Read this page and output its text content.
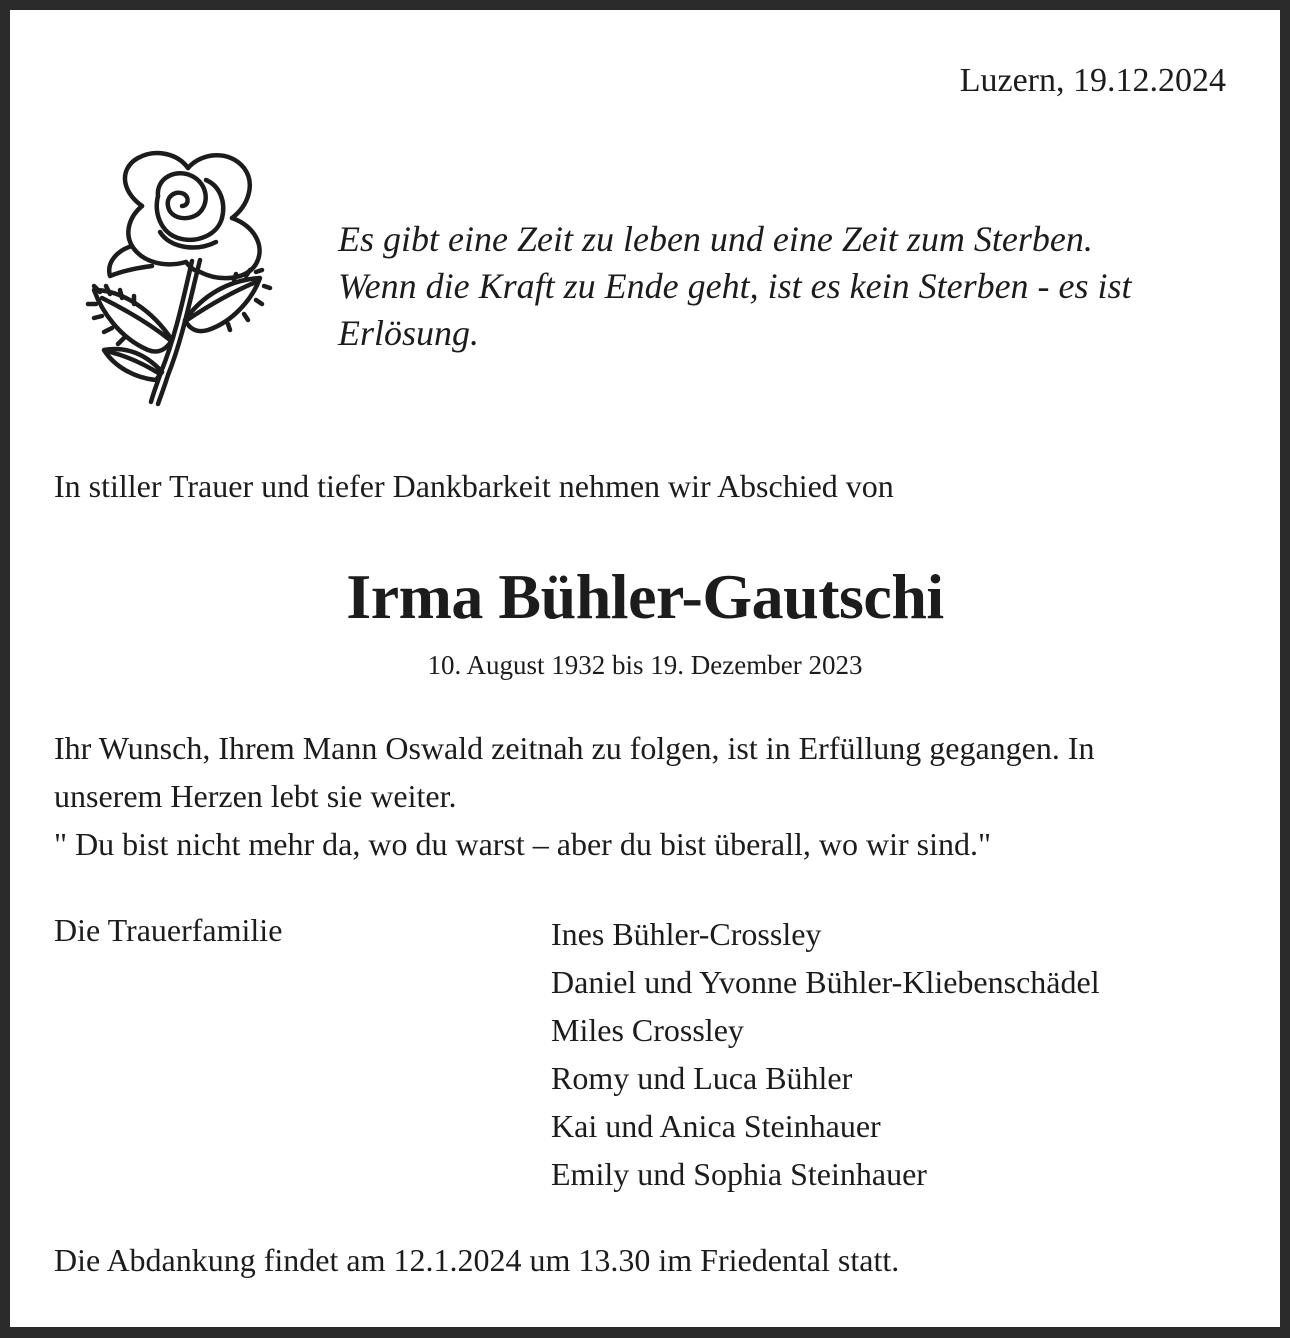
Luzern, 19.12.2024

Es gibt eine Zeit zu leben und eine Zeit zum Sterben.
Wenn die Kraft zu Ende geht, ist es kein Sterben - es ist
Erlösung.

In stiller Trauer und tiefer Dankbarkeit nehmen wir Abschied von

Irma Bühler-Gautschi

10. August 1932 bis 19. Dezember 2023

Ihr Wunsch, Ihrem Mann Oswald zeitnah zu folgen, ist in Erfüllung gegangen. In
unserem Herzen lebt sie weiter.
" Du bist nicht mehr da, wo du warst – aber du bist überall, wo wir sind."

Die Trauerfamilie	Ines Bühler-Crossley
Daniel und Yvonne Bühler-Kliebenschädel
Miles Crossley
Romy und Luca Bühler
Kai und Anica Steinhauer
Emily und Sophia Steinhauer

Die Abdankung findet am 12.1.2024 um 13.30 im Friedental statt.
